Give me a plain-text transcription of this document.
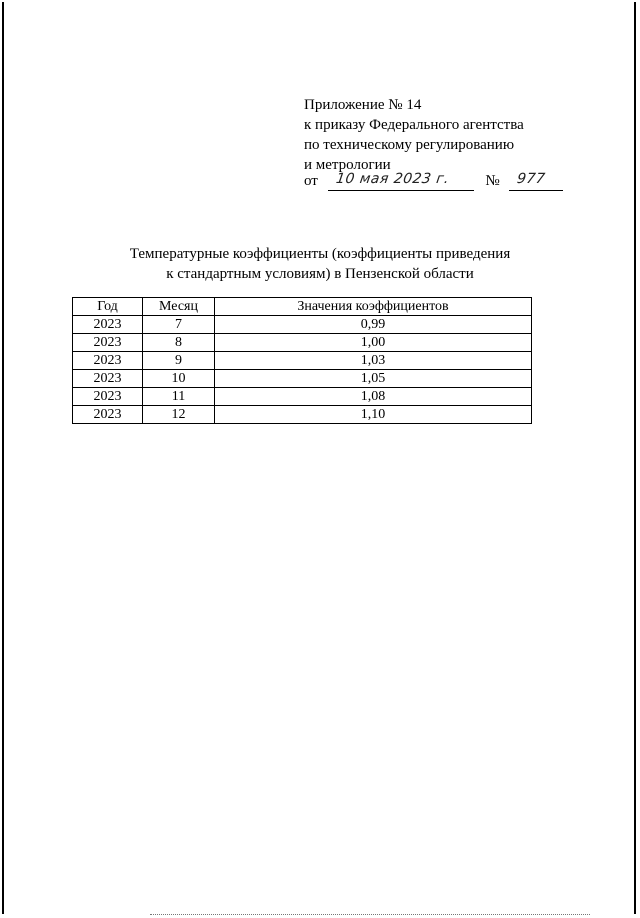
Приложение № 14
к приказу Федерального агентства
по техническому регулированию
и метрологии
от 10 мая 2023 г. № 977
Температурные коэффициенты (коэффициенты приведения
к стандартным условиям) в Пензенской области
Год	Месяц	Значения коэффициентов
2023	7	0,99
2023	8	1,00
2023	9	1,03
2023	10	1,05
2023	11	1,08
2023	12	1,10
